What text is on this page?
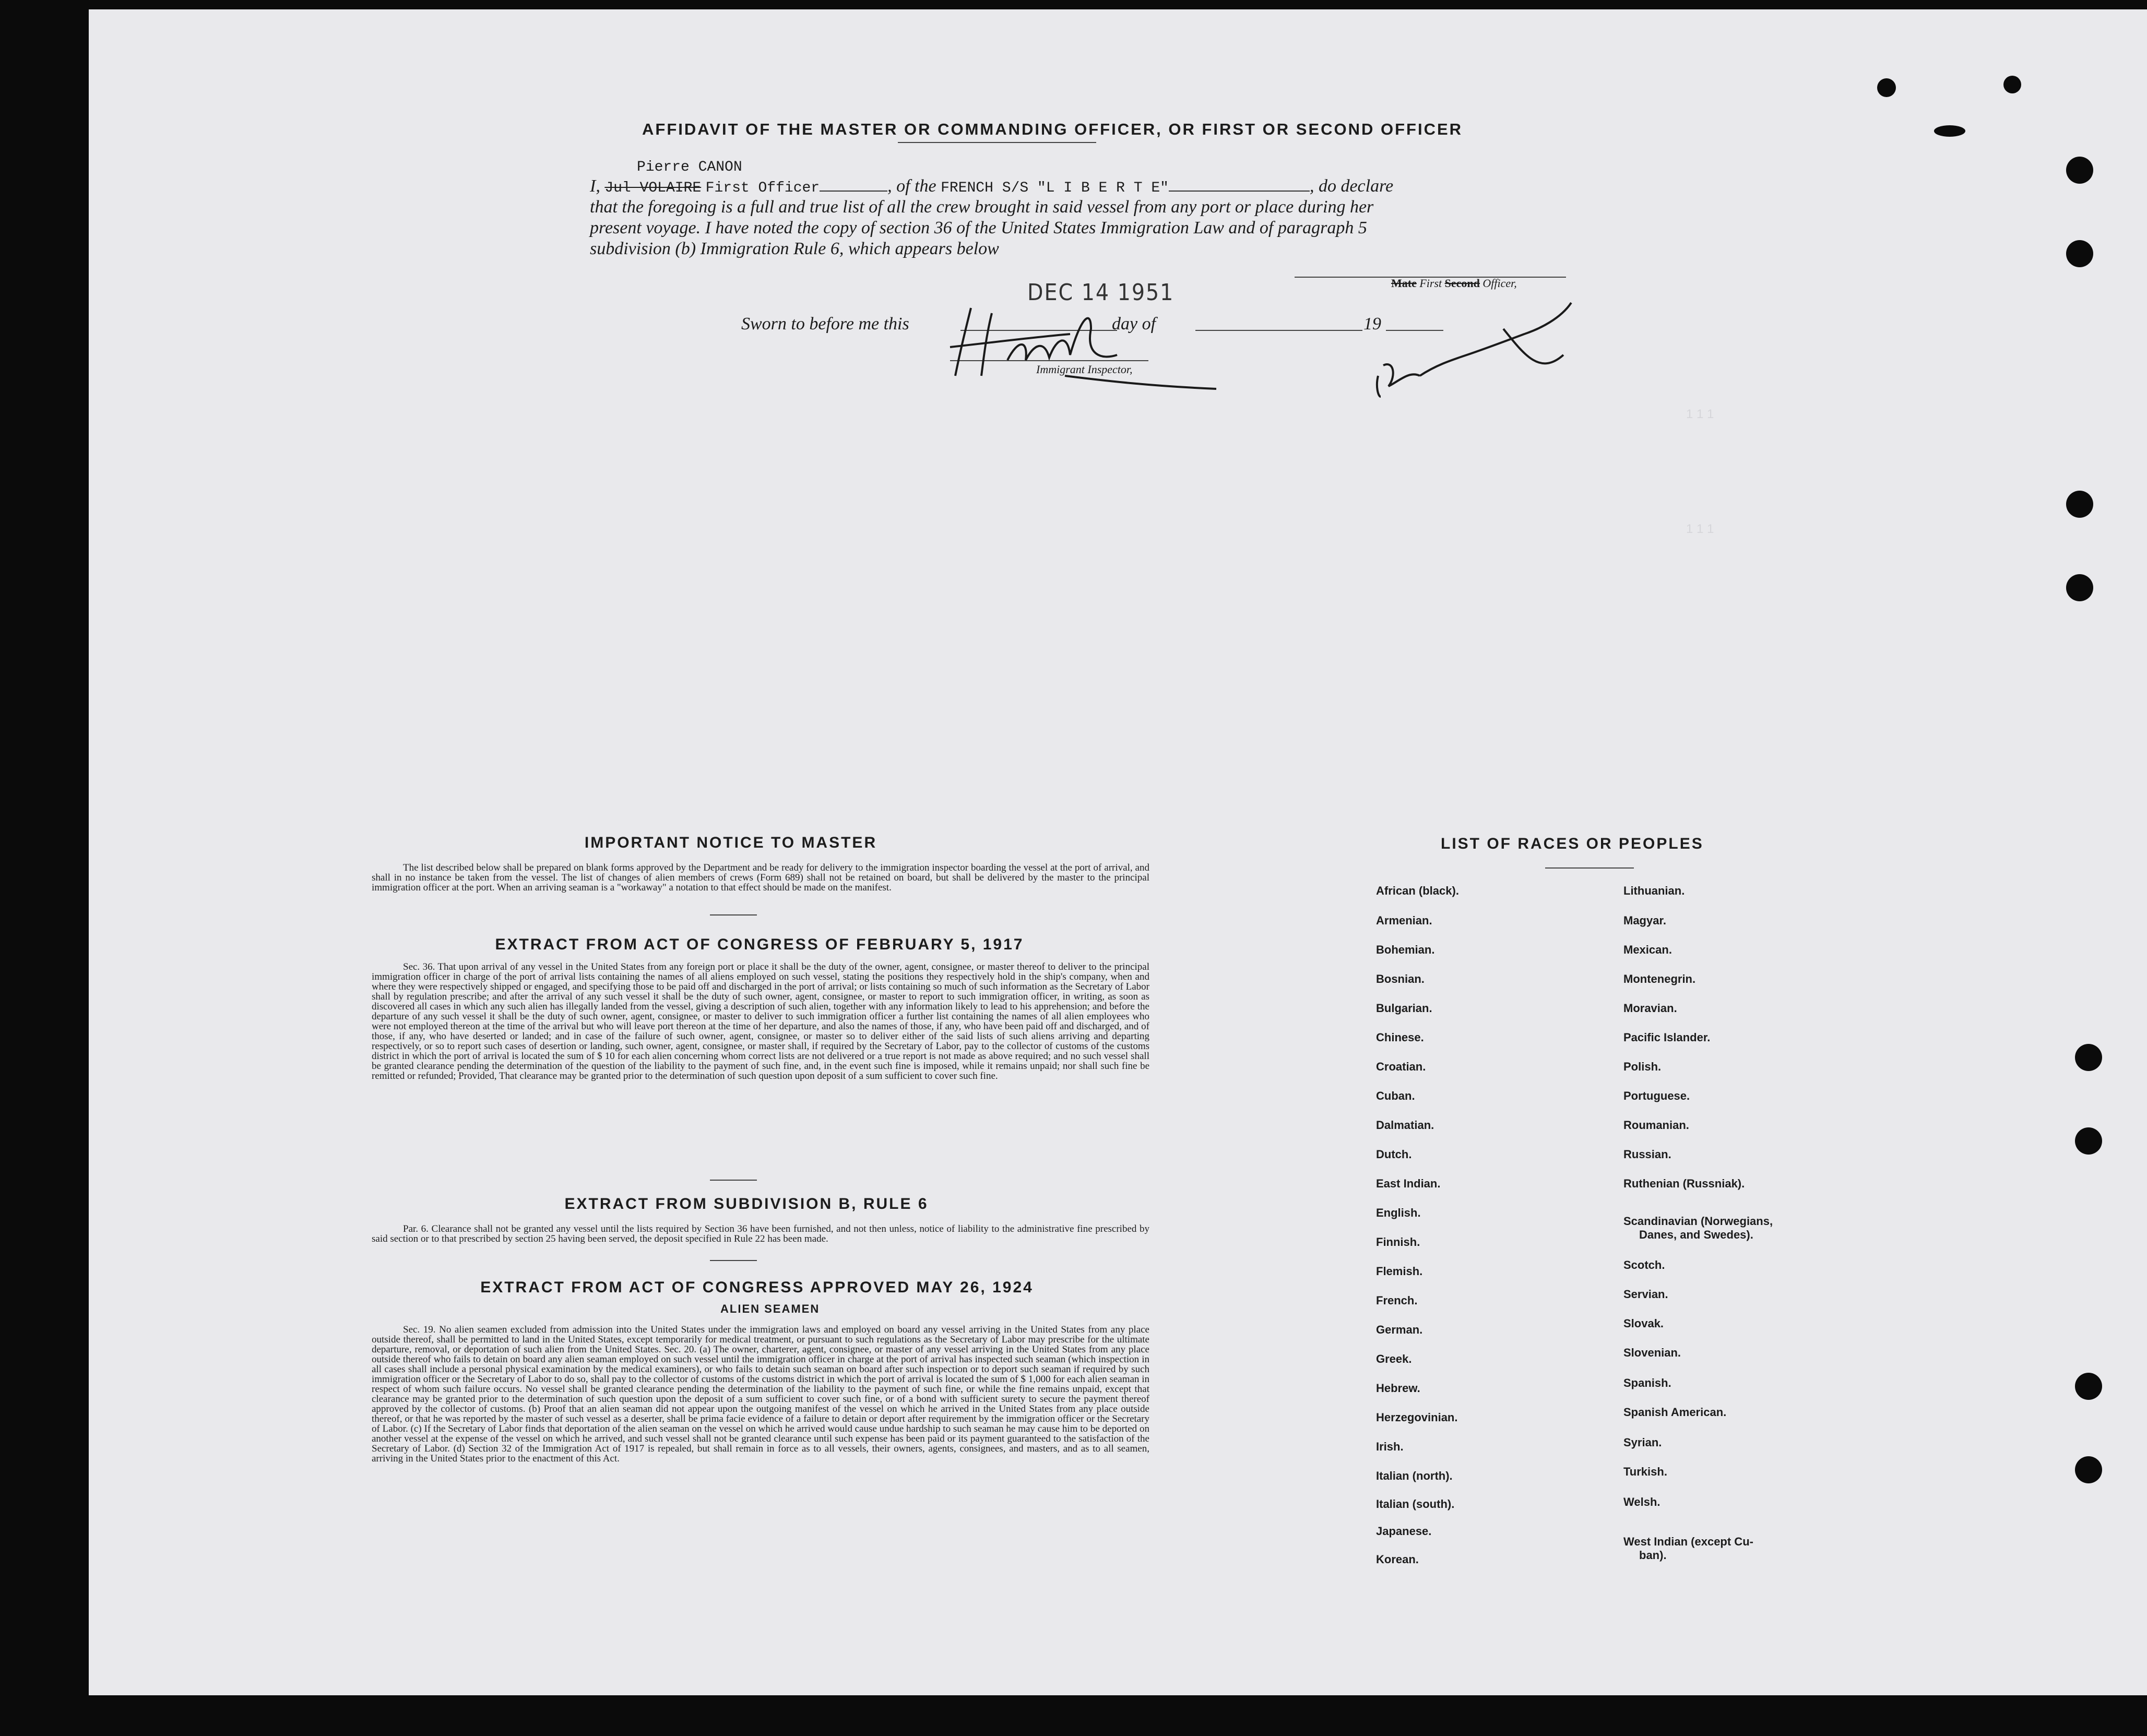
1 1 1
1 1 1
AFFIDAVIT OF THE MASTER OR COMMANDING OFFICER, OR FIRST OR SECOND OFFICER
Pierre CANON
I, Jul VOLAIRE First Officer	, of the FRENCH S/S "L I B E R T E"	, do declare
that the foregoing is a full and true list of all the crew brought in said vessel from any port or place during her
present voyage. I have noted the copy of section 36 of the United States Immigration Law and of paragraph 5
subdivision (b) Immigration Rule 6, which appears below
Mate First Second Officer,
DEC 14 1951
Sworn to before me this	day of	19
Immigrant Inspector,
IMPORTANT NOTICE TO MASTER
The list described below shall be prepared on blank forms approved by the Department and be ready for delivery to the immigration inspector boarding the vessel at the port of arrival, and shall in no instance be taken from the vessel. The list of changes of alien members of crews (Form 689) shall not be retained on board, but shall be delivered by the master to the principal immigration officer at the port. When an arriving seaman is a "workaway" a notation to that effect should be made on the manifest.
EXTRACT FROM ACT OF CONGRESS OF FEBRUARY 5, 1917
Sec. 36. That upon arrival of any vessel in the United States from any foreign port or place it shall be the duty of the owner, agent, consignee, or master thereof to deliver to the principal immigration officer in charge of the port of arrival lists containing the names of all aliens employed on such vessel, stating the positions they respectively hold in the ship's company, when and where they were respectively shipped or engaged, and specifying those to be paid off and discharged in the port of arrival; or lists containing so much of such information as the Secretary of Labor shall by regulation prescribe; and after the arrival of any such vessel it shall be the duty of such owner, agent, consignee, or master to report to such immigration officer, in writing, as soon as discovered all cases in which any such alien has illegally landed from the vessel, giving a description of such alien, together with any information likely to lead to his apprehension; and before the departure of any such vessel it shall be the duty of such owner, agent, consignee, or master to deliver to such immigration officer a further list containing the names of all alien employees who were not employed thereon at the time of the arrival but who will leave port thereon at the time of her departure, and also the names of those, if any, who have been paid off and discharged, and of those, if any, who have deserted or landed; and in case of the failure of such owner, agent, consignee, or master so to deliver either of the said lists of such aliens arriving and departing respectively, or so to report such cases of desertion or landing, such owner, agent, consignee, or master shall, if required by the Secretary of Labor, pay to the collector of customs of the customs district in which the port of arrival is located the sum of $ 10 for each alien concerning whom correct lists are not delivered or a true report is not made as above required; and no such vessel shall be granted clearance pending the determination of the question of the liability to the payment of such fine, and, in the event such fine is imposed, while it remains unpaid; nor shall such fine be remitted or refunded; Provided, That clearance may be granted prior to the determination of such question upon deposit of a sum sufficient to cover such fine.
EXTRACT FROM SUBDIVISION B, RULE 6
Par. 6. Clearance shall not be granted any vessel until the lists required by Section 36 have been furnished, and not then unless, notice of liability to the administrative fine prescribed by said section or to that prescribed by section 25 having been served, the deposit specified in Rule 22 has been made.
EXTRACT FROM ACT OF CONGRESS APPROVED MAY 26, 1924
ALIEN SEAMEN
Sec. 19. No alien seamen excluded from admission into the United States under the immigration laws and employed on board any vessel arriving in the United States from any place outside thereof, shall be permitted to land in the United States, except temporarily for medical treatment, or pursuant to such regulations as the Secretary of Labor may prescribe for the ultimate departure, removal, or deportation of such alien from the United States. Sec. 20. (a) The owner, charterer, agent, consignee, or master of any vessel arriving in the United States from any place outside thereof who fails to detain on board any alien seaman employed on such vessel until the immigration officer in charge at the port of arrival has inspected such seaman (which inspection in all cases shall include a personal physical examination by the medical examiners), or who fails to detain such seaman on board after such inspection or to deport such seaman if required by such immigration officer or the Secretary of Labor to do so, shall pay to the collector of customs of the customs district in which the port of arrival is located the sum of $ 1,000 for each alien seaman in respect of whom such failure occurs. No vessel shall be granted clearance pending the determination of the liability to the payment of such fine, or while the fine remains unpaid, except that clearance may be granted prior to the determination of such question upon the deposit of a sum sufficient to cover such fine, or of a bond with sufficient surety to secure the payment thereof approved by the collector of customs. (b) Proof that an alien seaman did not appear upon the outgoing manifest of the vessel on which he arrived in the United States from any place outside thereof, or that he was reported by the master of such vessel as a deserter, shall be prima facie evidence of a failure to detain or deport after requirement by the immigration officer or the Secretary of Labor. (c) If the Secretary of Labor finds that deportation of the alien seaman on the vessel on which he arrived would cause undue hardship to such seaman he may cause him to be deported on another vessel at the expense of the vessel on which he arrived, and such vessel shall not be granted clearance until such expense has been paid or its payment guaranteed to the satisfaction of the Secretary of Labor. (d) Section 32 of the Immigration Act of 1917 is repealed, but shall remain in force as to all vessels, their owners, agents, consignees, and masters, and as to all seamen, arriving in the United States prior to the enactment of this Act.
LIST OF RACES OR PEOPLES
African (black).
Armenian.
Bohemian.
Bosnian.
Bulgarian.
Chinese.
Croatian.
Cuban.
Dalmatian.
Dutch.
East Indian.
English.
Finnish.
Flemish.
French.
German.
Greek.
Hebrew.
Herzegovinian.
Irish.
Italian (north).
Italian (south).
Japanese.
Korean.
Lithuanian.
Magyar.
Mexican.
Montenegrin.
Moravian.
Pacific Islander.
Polish.
Portuguese.
Roumanian.
Russian.
Ruthenian (Russniak).
Scandinavian (Norwegians,
Danes, and Swedes).
Scotch.
Servian.
Slovak.
Slovenian.
Spanish.
Spanish American.
Syrian.
Turkish.
Welsh.
West Indian (except Cu-
ban).
